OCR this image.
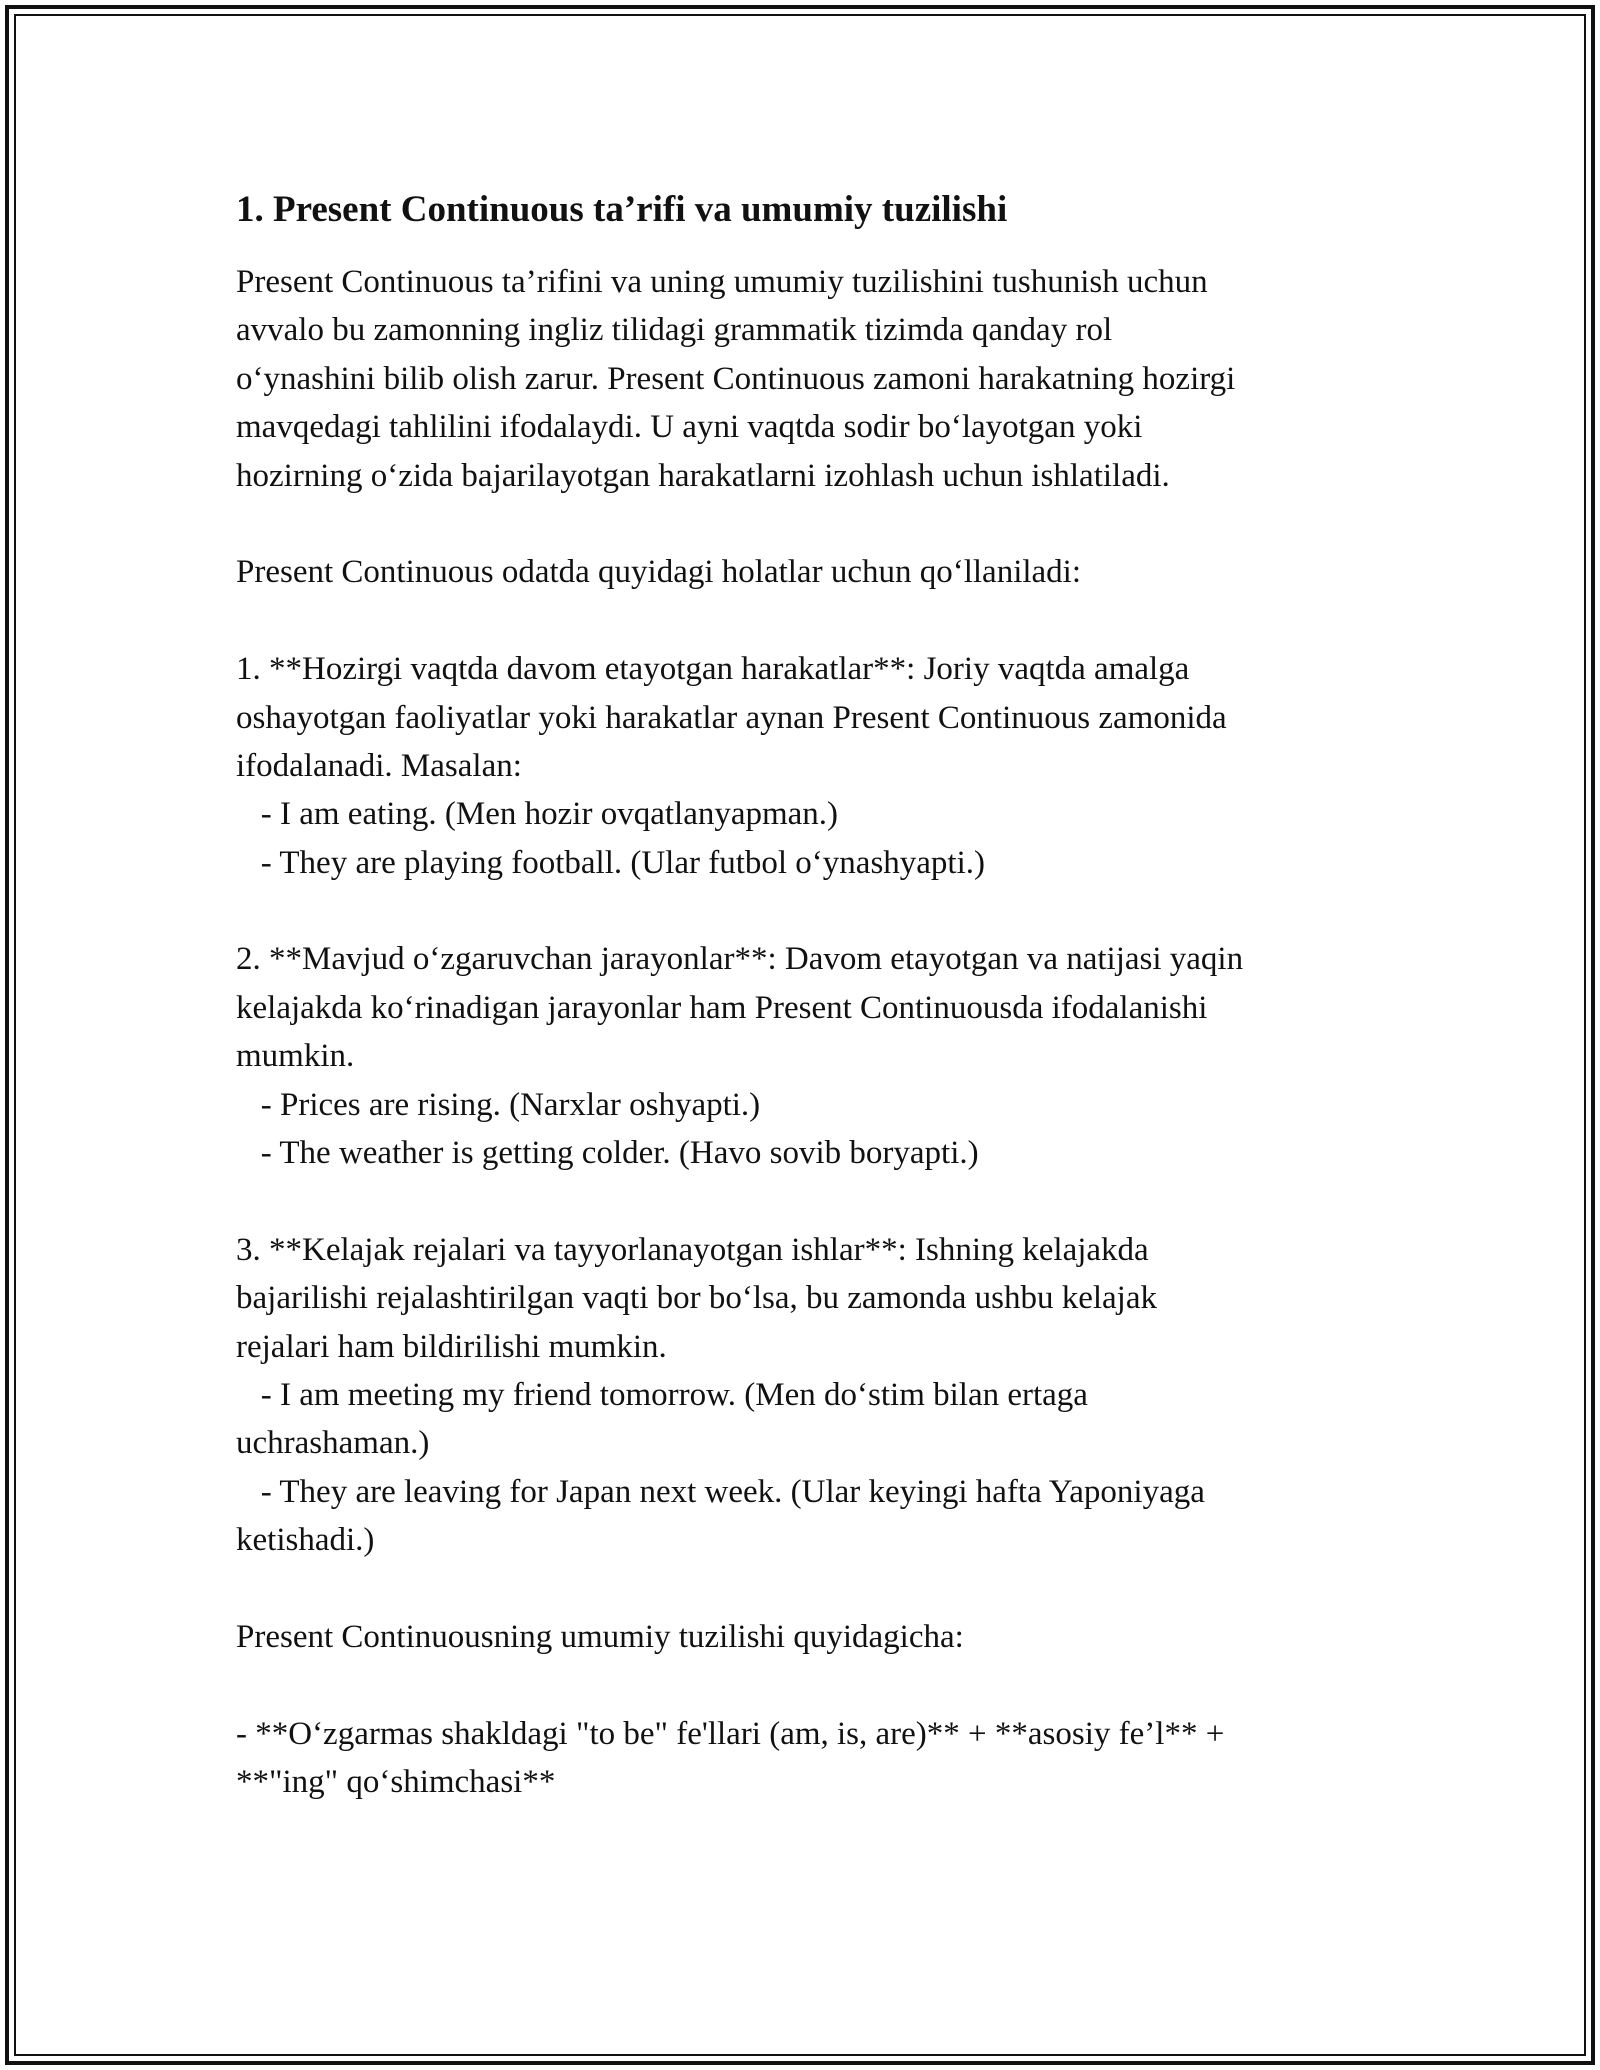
1. Present Continuous ta’rifi va umumiy tuzilishi
Present Continuous ta’rifini va uning umumiy tuzilishini tushunish uchun
avvalo bu zamonning ingliz tilidagi grammatik tizimda qanday rol
o‘ynashini bilib olish zarur. Present Continuous zamoni harakatning hozirgi
mavqedagi tahlilini ifodalaydi. U ayni vaqtda sodir bo‘layotgan yoki
hozirning o‘zida bajarilayotgan harakatlarni izohlash uchun ishlatiladi.
Present Continuous odatda quyidagi holatlar uchun qo‘llaniladi:
1. **Hozirgi vaqtda davom etayotgan harakatlar**: Joriy vaqtda amalga
oshayotgan faoliyatlar yoki harakatlar aynan Present Continuous zamonida
ifodalanadi. Masalan:
- I am eating. (Men hozir ovqatlanyapman.)
- They are playing football. (Ular futbol o‘ynashyapti.)
2. **Mavjud o‘zgaruvchan jarayonlar**: Davom etayotgan va natijasi yaqin
kelajakda ko‘rinadigan jarayonlar ham Present Continuousda ifodalanishi
mumkin.
- Prices are rising. (Narxlar oshyapti.)
- The weather is getting colder. (Havo sovib boryapti.)
3. **Kelajak rejalari va tayyorlanayotgan ishlar**: Ishning kelajakda
bajarilishi rejalashtirilgan vaqti bor bo‘lsa, bu zamonda ushbu kelajak
rejalari ham bildirilishi mumkin.
- I am meeting my friend tomorrow. (Men do‘stim bilan ertaga
uchrashaman.)
- They are leaving for Japan next week. (Ular keyingi hafta Yaponiyaga
ketishadi.)
Present Continuousning umumiy tuzilishi quyidagicha:
- **O‘zgarmas shakldagi "to be" fe'llari (am, is, are)** + **asosiy fe’l** +
**"ing" qo‘shimchasi**
